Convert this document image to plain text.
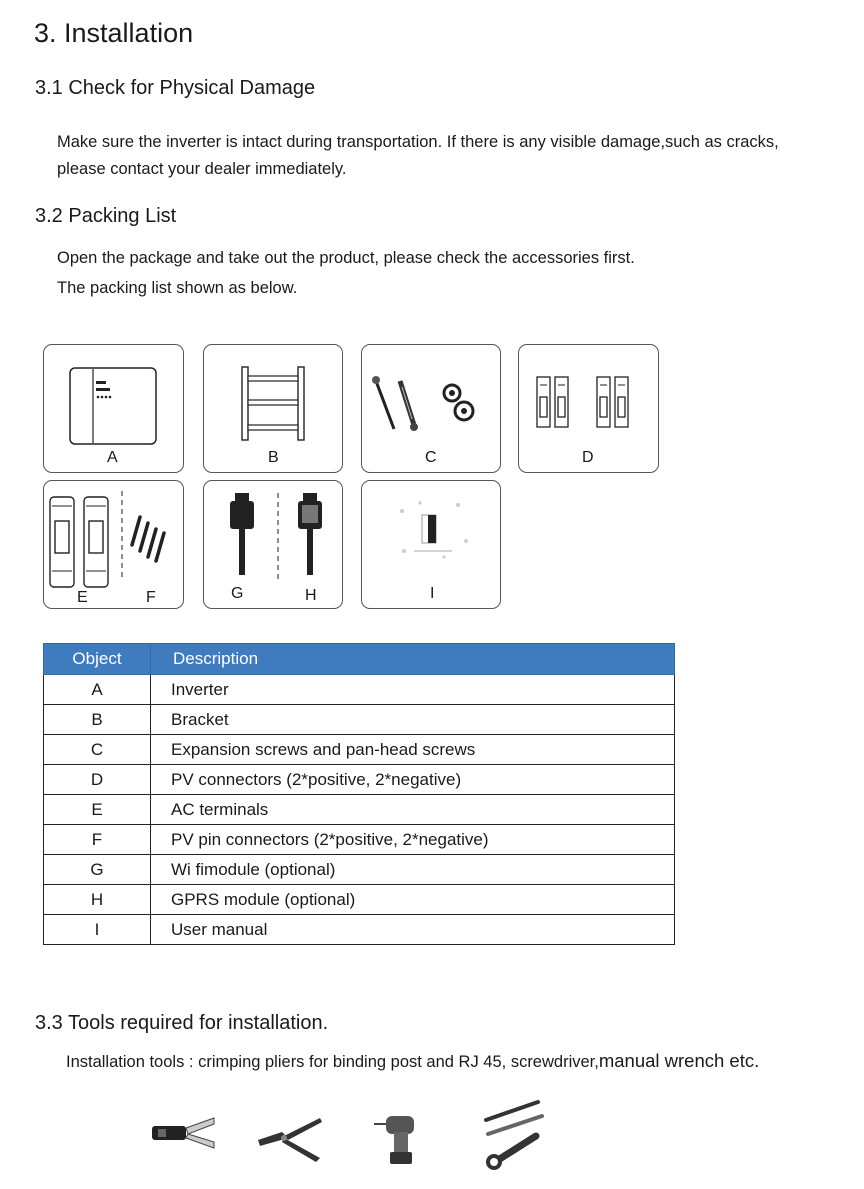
3. Installation
3.1 Check for Physical Damage
Make sure the inverter is intact during transportation. If there is any visible damage,such as cracks,
please contact your dealer immediately.
3.2 Packing List
Open the package and take out the product, please check the accessories first.
The packing list shown as below.
A	B	C	D
E	F	G	H	I
Object	Description
A	Inverter
B	Bracket
C	Expansion screws and pan-head screws
D	PV connectors (2*positive, 2*negative)
E	AC terminals
F	PV pin connectors (2*positive, 2*negative)
G	Wi fimodule (optional)
H	GPRS module (optional)
I	User manual
3.3 Tools required for installation.
Installation tools : crimping pliers for binding post and RJ 45, screwdriver,manual wrench etc.
